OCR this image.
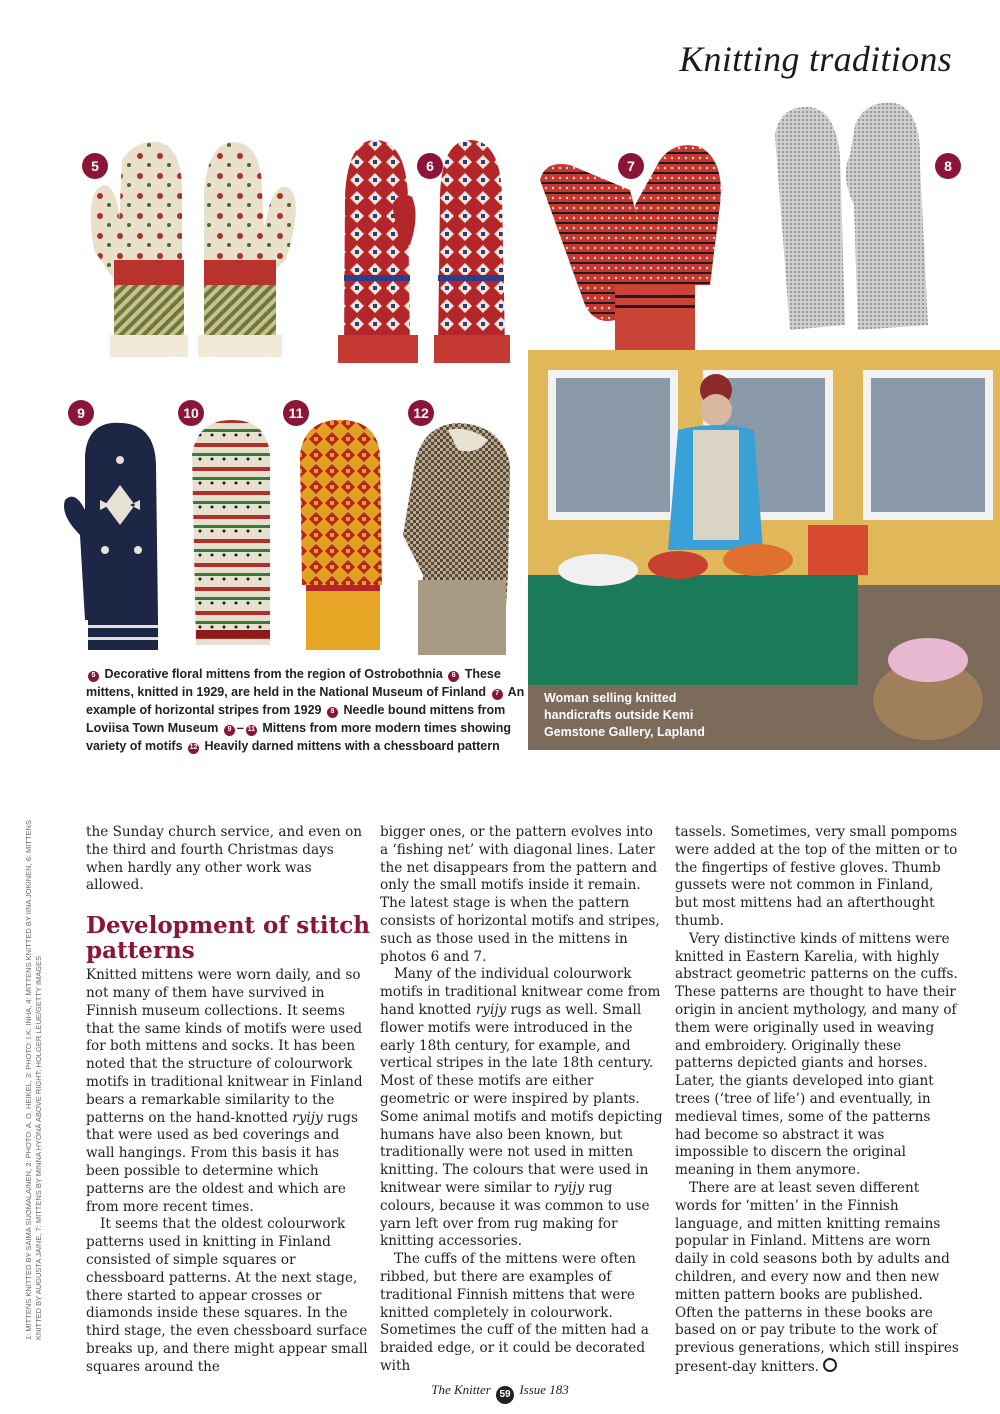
Knitting traditions
5	6	7	8
9	10	11	12
Woman selling knitted handicrafts outside Kemi Gemstone Gallery, Lapland
5 Decorative floral mittens from the region of Ostrobothnia 6 These mittens, knitted in 1929, are held in the National Museum of Finland 7 An example of horizontal stripes from 1929 8 Needle bound mittens from Loviisa Town Museum 9 – 11 Mittens from more modern times showing variety of motifs 12 Heavily darned mittens with a chessboard pattern
1: MITTENS KNITTED BY SAIMA SUOMALAINEN, 2: PHOTO: A. O. HEIKEL, 3: PHOTO: I.K. INHA, 4: MITTENS KNITTED BY IINA JOKINEN, 6: MITTENS KNITTED BY AUGUSTA JAINE, 7: MITTENS BY MINNA HYÖNÄ ABOVE RIGHT: HOLGER LEUE/GETTY IMAGES

the Sunday church service, and even on the third and fourth Christmas days when hardly any other work was allowed.

Development of stitch patterns

Knitted mittens were worn daily, and so not many of them have survived in Finnish museum collections. It seems that the same kinds of motifs were used for both mittens and socks. It has been noted that the structure of colourwork motifs in traditional knitwear in Finland bears a remarkable similarity to the patterns on the hand-knotted ryijy rugs that were used as bed coverings and wall hangings. From this basis it has been possible to determine which patterns are the oldest and which are from more recent times.

It seems that the oldest colourwork patterns used in knitting in Finland consisted of simple squares or chessboard patterns. At the next stage, there started to appear crosses or diamonds inside these squares. In the third stage, the even chessboard surface breaks up, and there might appear small squares around the

bigger ones, or the pattern evolves into a ‘fishing net’ with diagonal lines. Later the net disappears from the pattern and only the small motifs inside it remain. The latest stage is when the pattern consists of horizontal motifs and stripes, such as those used in the mittens in photos 6 and 7.

Many of the individual colourwork motifs in traditional knitwear come from hand knotted ryijy rugs as well. Small flower motifs were introduced in the early 18th century, for example, and vertical stripes in the late 18th century. Most of these motifs are either geometric or were inspired by plants. Some animal motifs and motifs depicting humans have also been known, but traditionally were not used in mitten knitting. The colours that were used in knitwear were similar to ryijy rug colours, because it was common to use yarn left over from rug making for knitting accessories.

The cuffs of the mittens were often ribbed, but there are examples of traditional Finnish mittens that were knitted completely in colourwork. Sometimes the cuff of the mitten had a braided edge, or it could be decorated with

tassels. Sometimes, very small pompoms were added at the top of the mitten or to the fingertips of festive gloves. Thumb gussets were not common in Finland, but most mittens had an afterthought thumb.

Very distinctive kinds of mittens were knitted in Eastern Karelia, with highly abstract geometric patterns on the cuffs. These patterns are thought to have their origin in ancient mythology, and many of them were originally used in weaving and embroidery. Originally these patterns depicted giants and horses. Later, the giants developed into giant trees (‘tree of life’) and eventually, in medieval times, some of the patterns had become so abstract it was impossible to discern the original meaning in them anymore.

There are at least seven different words for ‘mitten’ in the Finnish language, and mitten knitting remains popular in Finland. Mittens are worn daily in cold seasons both by adults and children, and every now and then new mitten pattern books are published. Often the patterns in these books are based on or pay tribute to the work of previous generations, which still inspires present-day knitters.

The Knitter 59 Issue 183
